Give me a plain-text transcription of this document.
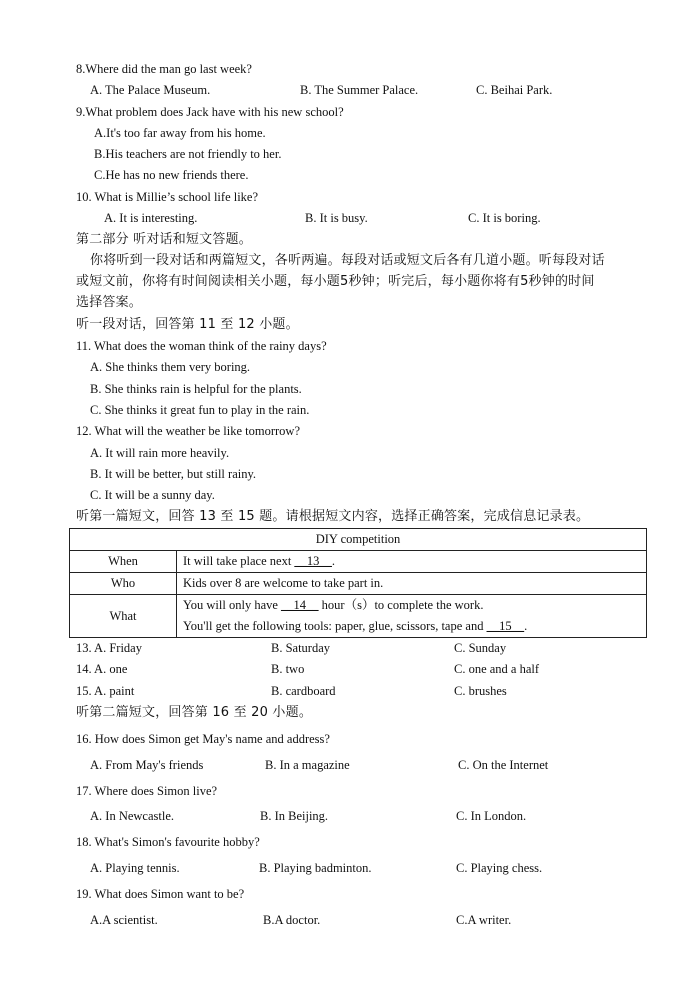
8.Where did the man go last week?
A. The Palace Museum.	B. The Summer Palace.	C. Beihai Park.
9.What problem does Jack have with his new school?
A.It's too far away from his home.
B.His teachers are not friendly to her.
C.He has no new friends there.
10. What is Millie’s school life like?
A. It is interesting.	B. It is busy.	C. It is boring.
第二部分 听对话和短文答题。
你将听到一段对话和两篇短文，各听两遍。每段对话或短文后各有几道小题。听每段对话
或短文前，你将有时间阅读相关小题，每小题5秒钟；听完后，每小题你将有5秒钟的时间
选择答案。
听一段对话，回答第 11 至 12 小题。
11. What does the woman think of the rainy days?
A. She thinks them very boring.
B. She thinks rain is helpful for the plants.
C. She thinks it great fun to play in the rain.
12. What will the weather be like tomorrow?
A. It will rain more heavily.
B. It will be better, but still rainy.
C. It will be a sunny day.
听第一篇短文，回答 13 至 15 题。请根据短文内容，选择正确答案，完成信息记录表。
DIY competition	
When	It will take place next __13__.
Who	Kids over 8 are welcome to take part in.
What	You will only have __14__ hour（s）to complete the work.
You'll get the following tools: paper, glue, scissors, tape and __15__.
13. A. Friday	B. Saturday	C. Sunday
14. A. one	B. two	C. one and a half
15. A. paint	B. cardboard	C. brushes
听第二篇短文，回答第 16 至 20 小题。
16. How does Simon get May's name and address?
A. From May's friends	B. In a magazine	C. On the Internet
17. Where does Simon live?
A. In Newcastle.	B. In Beijing.	C. In London.
18. What's Simon's favourite hobby?
A. Playing tennis.	B. Playing badminton.	C. Playing chess.
19. What does Simon want to be?
A.A scientist.	B.A doctor.	C.A writer.
